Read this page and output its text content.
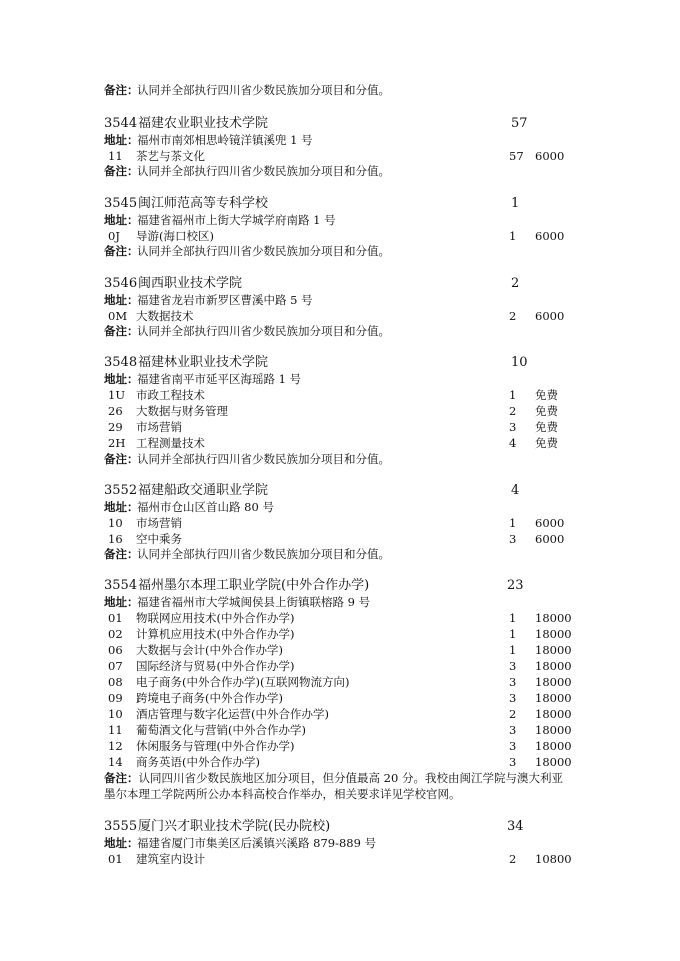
备注：
认同并全部执行四川省少数民族加分项目和分值。
3544 福建农业职业技术学院	57
地址：
福州市南郊相思岭镜洋镇溪兜 1 号
11	茶艺与茶文化	57 6000
备注：
认同并全部执行四川省少数民族加分项目和分值。
3545 闽江师范高等专科学校	1
地址：
福建省福州市上街大学城学府南路 1 号
0J	导游(海口校区)	1 6000
备注：
认同并全部执行四川省少数民族加分项目和分值。
3546 闽西职业技术学院	2
地址：
福建省龙岩市新罗区曹溪中路 5 号
0M 大数据技术	2 6000
备注：
认同并全部执行四川省少数民族加分项目和分值。
3548 福建林业职业技术学院	10
地址：
福建省南平市延平区海瑶路 1 号
1U 市政工程技术	1 免费
26	大数据与财务管理	2 免费
29	市场营销	3 免费
2H 工程测量技术	4 免费
备注：
认同并全部执行四川省少数民族加分项目和分值。
3552 福建船政交通职业学院	4
地址：
福州市仓山区首山路 80 号
10	市场营销	1 6000
16	空中乘务	3 6000
备注：
认同并全部执行四川省少数民族加分项目和分值。
3554 福州墨尔本理工职业学院(中外合作办学)	23
地址：
福建省福州市大学城闽侯县上街镇联榕路 9 号
01	物联网应用技术(中外合作办学)	1 18000
02	计算机应用技术(中外合作办学)	1 18000
06	大数据与会计(中外合作办学)	1 18000
07	国际经济与贸易(中外合作办学)	3 18000
08	电子商务(中外合作办学)(互联网物流方向)	3 18000
09	跨境电子商务(中外合作办学)	3 18000
10	酒店管理与数字化运营(中外合作办学)	2 18000
11	葡萄酒文化与营销(中外合作办学)	3 18000
12	休闲服务与管理(中外合作办学)	3 18000
14	商务英语(中外合作办学)	3 18000
备注：认同四川省少数民族地区加分项目，但分值最高 20 分。我校由闽江学院与澳大利亚墨尔本理工学院两所公办本科高校合作举办，相关要求详见学校官网。
3555 厦门兴才职业技术学院(民办院校)	34
地址：
福建省厦门市集美区后溪镇兴溪路 879-889 号
01	建筑室内设计	2 10800
